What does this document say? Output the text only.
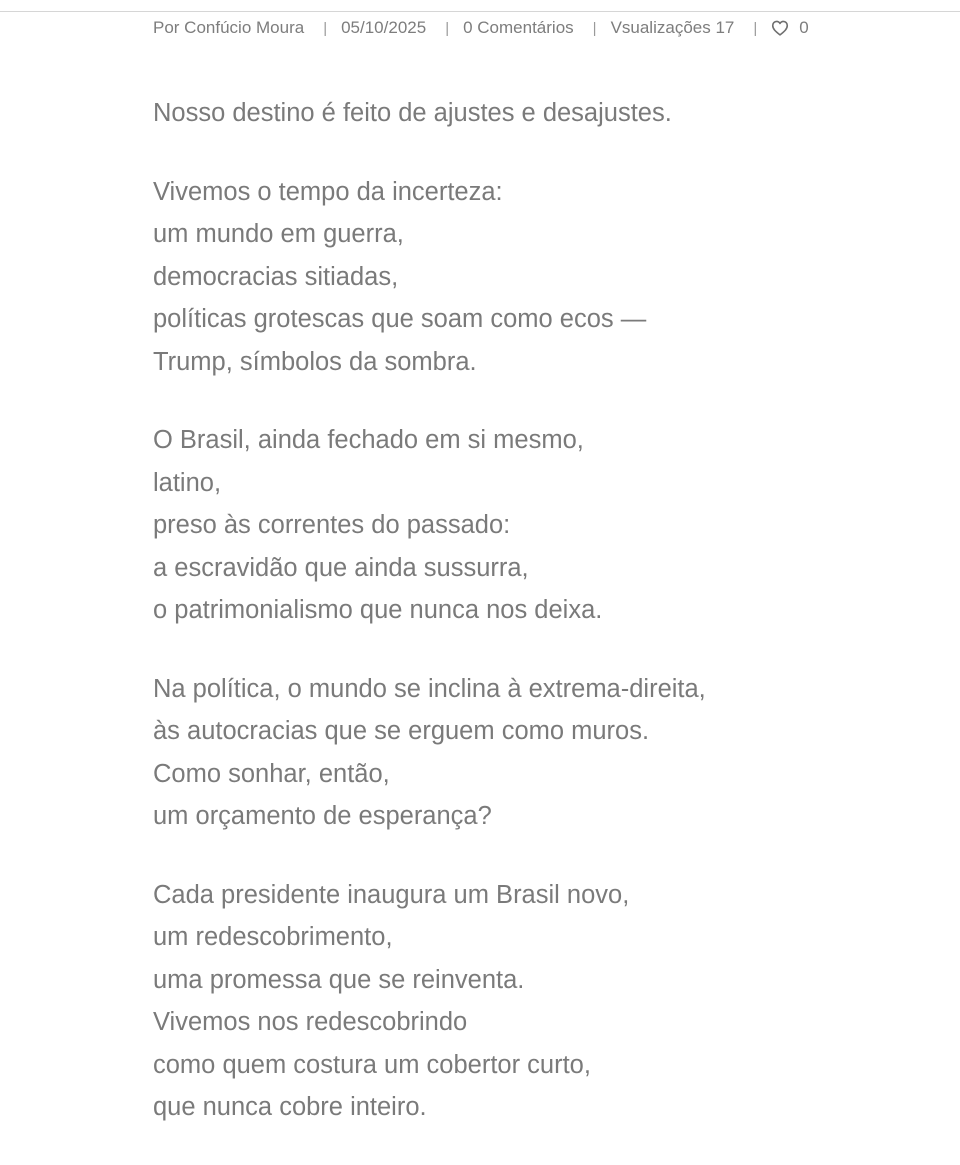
Por Confúcio Moura | 05/10/2025 | 0 Comentários | Vsualizações 17 | 0

Nosso destino é feito de ajustes e desajustes.

Vivemos o tempo da incerteza:
um mundo em guerra,
democracias sitiadas,
políticas grotescas que soam como ecos —
Trump, símbolos da sombra.

O Brasil, ainda fechado em si mesmo,
latino,
preso às correntes do passado:
a escravidão que ainda sussurra,
o patrimonialismo que nunca nos deixa.

Na política, o mundo se inclina à extrema-direita,
às autocracias que se erguem como muros.
Como sonhar, então,
um orçamento de esperança?

Cada presidente inaugura um Brasil novo,
um redescobrimento,
uma promessa que se reinventa.
Vivemos nos redescobrindo
como quem costura um cobertor curto,
que nunca cobre inteiro.
